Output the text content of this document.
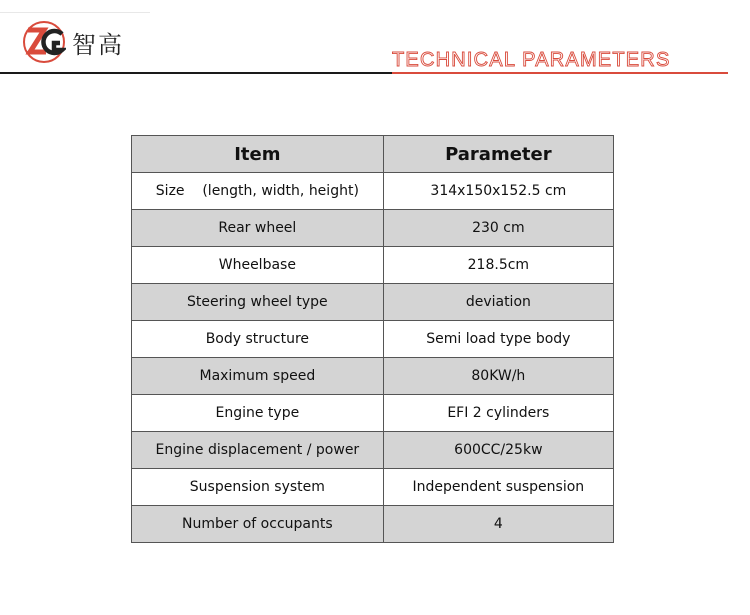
智高
TECHNICAL PARAMETERS
Item	Parameter
Size    (length, width, height)	314x150x152.5 cm
Rear wheel	230 cm
Wheelbase	218.5cm
Steering wheel type	deviation
Body structure	Semi load type body
Maximum speed	80KW/h
Engine type	EFI 2 cylinders
Engine displacement / power	600CC/25kw
Suspension system	Independent suspension
Number of occupants	4
